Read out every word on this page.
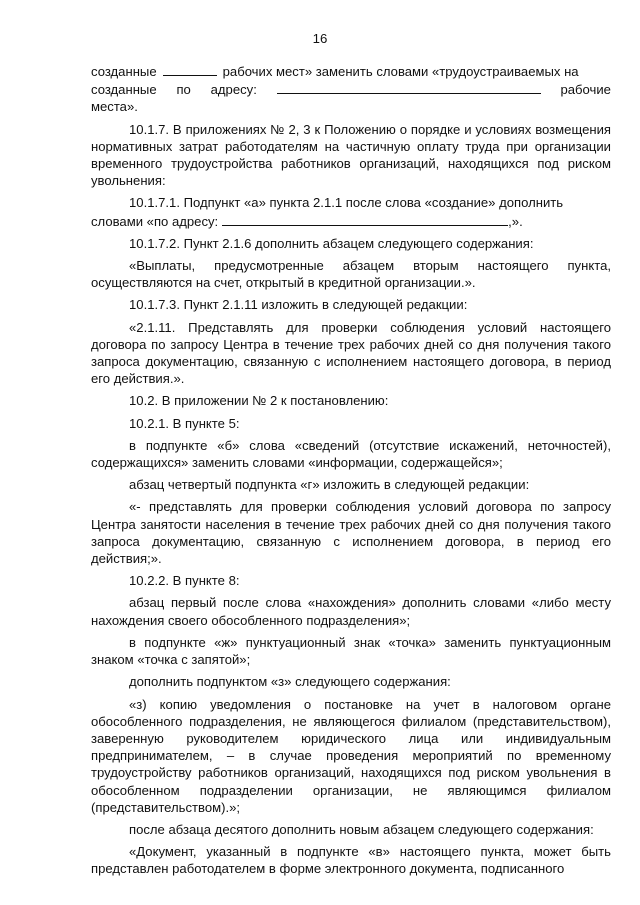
16
созданные	рабочих мест» заменить словами «трудоустраиваемых на
созданные по адресу:	рабочие
места».

10.1.7. В приложениях № 2, 3 к Положению о порядке и условиях возмещения нормативных затрат работодателям на частичную оплату труда при организации временного трудоустройства работников организаций, находящихся под риском увольнения:

10.1.7.1. Подпункт «а» пункта 2.1.1 после слова «создание» дополнить
словами «по адресу:	,».

10.1.7.2. Пункт 2.1.6 дополнить абзацем следующего содержания:

«Выплаты, предусмотренные абзацем вторым настоящего пункта, осуществляются на счет, открытый в кредитной организации.».

10.1.7.3. Пункт 2.1.11 изложить в следующей редакции:

«2.1.11. Представлять для проверки соблюдения условий настоящего договора по запросу Центра в течение трех рабочих дней со дня получения такого запроса документацию, связанную с исполнением настоящего договора, в период его действия.».

10.2. В приложении № 2 к постановлению:

10.2.1. В пункте 5:

в подпункте «б» слова «сведений (отсутствие искажений, неточностей), содержащихся» заменить словами «информации, содержащейся»;

абзац четвертый подпункта «г» изложить в следующей редакции:

«- представлять для проверки соблюдения условий договора по запросу Центра занятости населения в течение трех рабочих дней со дня получения такого запроса документацию, связанную с исполнением договора, в период его действия;».

10.2.2. В пункте 8:

абзац первый после слова «нахождения» дополнить словами «либо месту нахождения своего обособленного подразделения»;

в подпункте «ж» пунктуационный знак «точка» заменить пунктуационным знаком «точка с запятой»;

дополнить подпунктом «з» следующего содержания:

«з) копию уведомления о постановке на учет в налоговом органе обособленного подразделения, не являющегося филиалом (представительством), заверенную руководителем юридического лица или индивидуальным предпринимателем, – в случае проведения мероприятий по временному трудоустройству работников организаций, находящихся под риском увольнения в обособленном подразделении организации, не являющимся филиалом (представительством).»;

после абзаца десятого дополнить новым абзацем следующего содержания:

«Документ, указанный в подпункте «в» настоящего пункта, может быть представлен работодателем в форме электронного документа, подписанного
